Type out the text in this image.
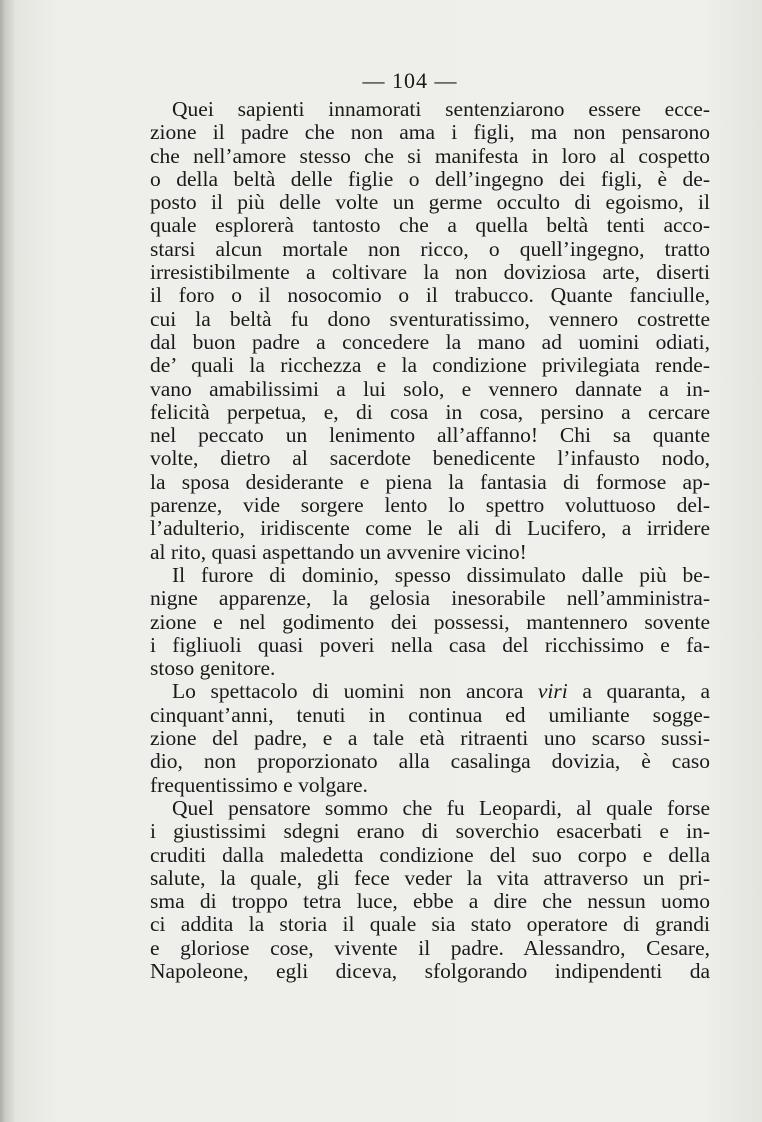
— 104 —
Quei sapienti innamorati sentenziarono essere ecce-
zione il padre che non ama i figli, ma non pensarono
che nell’amore stesso che si manifesta in loro al cospetto
o della beltà delle figlie o dell’ingegno dei figli, è de-
posto il più delle volte un germe occulto di egoismo, il
quale esplorerà tantosto che a quella beltà tenti acco-
starsi alcun mortale non ricco, o quell’ingegno, tratto
irresistibilmente a coltivare la non doviziosa arte, diserti
il foro o il nosocomio o il trabucco. Quante fanciulle,
cui la beltà fu dono sventuratissimo, vennero costrette
dal buon padre a concedere la mano ad uomini odiati,
de’ quali la ricchezza e la condizione privilegiata rende-
vano amabilissimi a lui solo, e vennero dannate a in-
felicità perpetua, e, di cosa in cosa, persino a cercare
nel peccato un lenimento all’affanno! Chi sa quante
volte, dietro al sacerdote benedicente l’infausto nodo,
la sposa desiderante e piena la fantasia di formose ap-
parenze, vide sorgere lento lo spettro voluttuoso del-
l’adulterio, iridiscente come le ali di Lucifero, a irridere
al rito, quasi aspettando un avvenire vicino!
Il furore di dominio, spesso dissimulato dalle più be-
nigne apparenze, la gelosia inesorabile nell’amministra-
zione e nel godimento dei possessi, mantennero sovente
i figliuoli quasi poveri nella casa del ricchissimo e fa-
stoso genitore.
Lo spettacolo di uomini non ancora viri a quaranta, a
cinquant’anni, tenuti in continua ed umiliante sogge-
zione del padre, e a tale età ritraenti uno scarso sussi-
dio, non proporzionato alla casalinga dovizia, è caso
frequentissimo e volgare.
Quel pensatore sommo che fu Leopardi, al quale forse
i giustissimi sdegni erano di soverchio esacerbati e in-
cruditi dalla maledetta condizione del suo corpo e della
salute, la quale, gli fece veder la vita attraverso un pri-
sma di troppo tetra luce, ebbe a dire che nessun uomo
ci addita la storia il quale sia stato operatore di grandi
e gloriose cose, vivente il padre. Alessandro, Cesare,
Napoleone, egli diceva, sfolgorando indipendenti da
